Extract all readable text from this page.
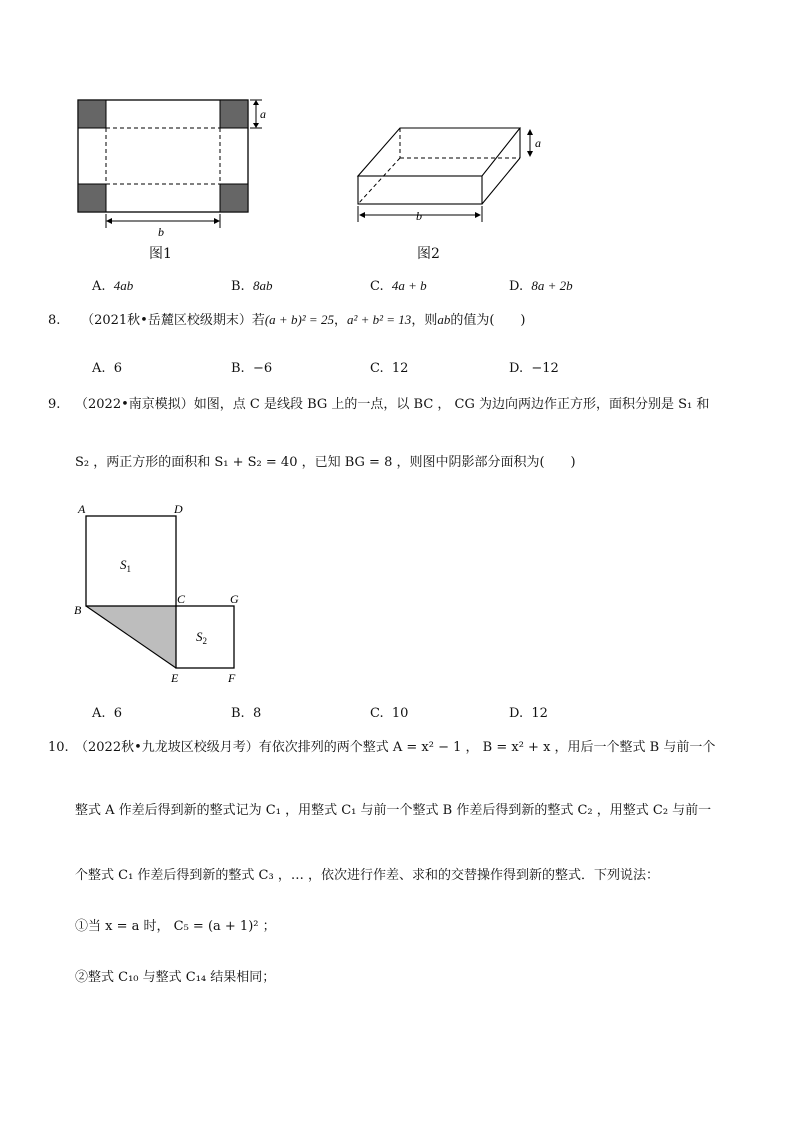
a
b
图1
a
b
图2
A. 4ab	B. 8ab	C. 4a + b	D. 8a + 2b
8. （2021秋•岳麓区校级期末）若(a + b)² = 25，a² + b² = 13，则ab的值为(　　)
A. 6	B. −6	C. 12	D. −12
9. （2022•南京模拟）如图，点 C 是线段 BG 上的一点，以 BC ， CG 为边向两边作正方形，面积分别是 S₁ 和
S₂ ，两正方形的面积和 S₁ + S₂ = 40 ，已知 BG = 8 ，则图中阴影部分面积为(　　)
A	D
B
C	G
E	F
$S_1$
$S_2$
A. 6	B. 8	C. 10	D. 12
10. （2022秋•九龙坡区校级月考）有依次排列的两个整式 A = x² − 1 ， B = x² + x ，用后一个整式 B 与前一个
整式 A 作差后得到新的整式记为 C₁ ，用整式 C₁ 与前一个整式 B 作差后得到新的整式 C₂ ，用整式 C₂ 与前一
个整式 C₁ 作差后得到新的整式 C₃ ，… ，依次进行作差、求和的交替操作得到新的整式．下列说法：
①当 x = a 时， C₅ = (a + 1)² ；
②整式 C₁₀ 与整式 C₁₄ 结果相同；
